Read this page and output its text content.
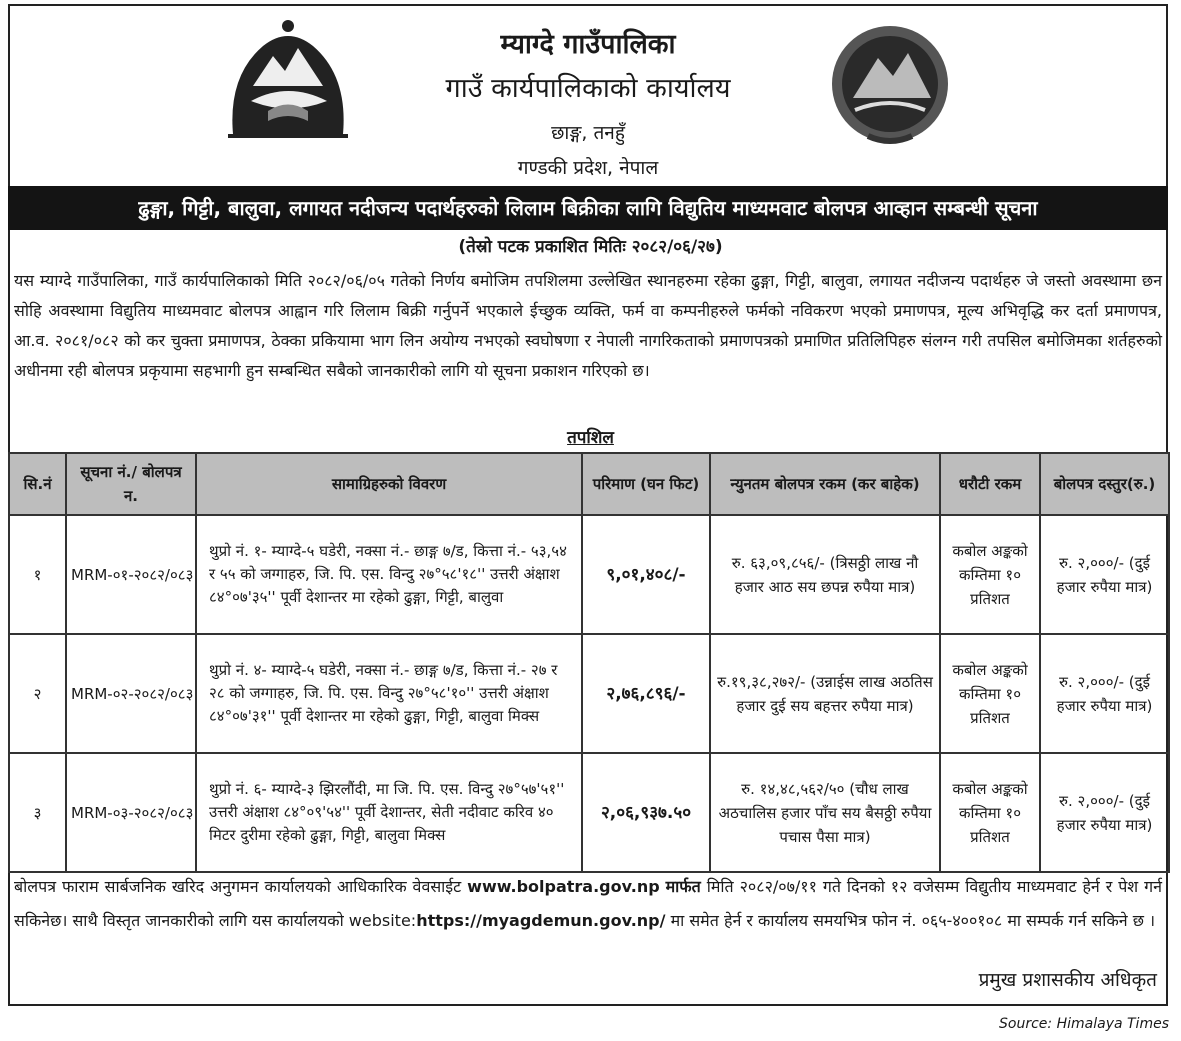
म्याग्दे गाउँपालिका
गाउँ कार्यपालिकाको कार्यालय
छाङ्ग, तनहुँ
गण्डकी प्रदेश, नेपाल
ढुङ्गा, गिट्टी, बालुवा, लगायत नदीजन्य पदार्थहरुको लिलाम बिक्रीका लागि विद्युतिय माध्यमवाट बोलपत्र आव्हान सम्बन्धी सूचना
(तेस्रो पटक प्रकाशित मितिः २०८२/०६/२७)
यस म्याग्दे गाउँपालिका, गाउँ कार्यपालिकाको मिति २०८२/०६/०५ गतेको निर्णय बमोजिम तपशिलमा उल्लेखित स्थानहरुमा रहेका ढुङ्गा, गिट्टी, बालुवा, लगायत नदीजन्य पदार्थहरु जे जस्तो अवस्थामा छन सोहि अवस्थामा विद्युतिय माध्यमवाट बोलपत्र आह्वान गरि लिलाम बिक्री गर्नुपर्ने भएकाले ईच्छुक व्यक्ति, फर्म वा कम्पनीहरुले फर्मको नविकरण भएको प्रमाणपत्र, मूल्य अभिवृद्धि कर दर्ता प्रमाणपत्र, आ.व. २०८१/०८२ को कर चुक्ता प्रमाणपत्र, ठेक्का प्रकियामा भाग लिन अयोग्य नभएको स्वघोषणा र नेपाली नागरिकताको प्रमाणपत्रको प्रमाणित प्रतिलिपिहरु संलग्न गरी तपसिल बमोजिमका शर्तहरुको अधीनमा रही बोलपत्र प्रकृयामा सहभागी हुन सम्बन्धित सबैको जानकारीको लागि यो सूचना प्रकाशन गरिएको छ।
तपशिल
सि.नं	सूचना नं./ बोलपत्र न.	सामाग्रिहरुको विवरण	परिमाण (घन फिट)	न्युनतम बोलपत्र रकम (कर बाहेक)	धरौटी रकम	बोलपत्र दस्तुर(रु.)
१	MRM-०१-२०८२/०८३	थुप्रो नं. १- म्याग्दे-५ घडेरी, नक्सा नं.- छाङ्ग ७/ड, कित्ता नं.- ५३,५४ र ५५ को जग्गाहरु, जि. पि. एस. विन्दु २७°५८'१८'' उत्तरी अंक्षाश ८४°०७'३५'' पूर्वी देशान्तर मा रहेको ढुङ्गा, गिट्टी, बालुवा	९,०१,४०८/-	रु. ६३,०९,८५६/- (त्रिसठ्ठी लाख नौ हजार आठ सय छपन्न रुपैया मात्र)	कबोल अङ्कको कम्तिमा १० प्रतिशत	रु. २,०००/- (दुई हजार रुपैया मात्र)
२	MRM-०२-२०८२/०८३	थुप्रो नं. ४- म्याग्दे-५ घडेरी, नक्सा नं.- छाङ्ग ७/ड, कित्ता नं.- २७ र २८ को जग्गाहरु, जि. पि. एस. विन्दु २७°५८'१०'' उत्तरी अंक्षाश ८४°०७'३१'' पूर्वी देशान्तर मा रहेको ढुङ्गा, गिट्टी, बालुवा मिक्स	२,७६,८९६/-	रु.१९,३८,२७२/- (उन्नाईस लाख अठतिस हजार दुई सय बहत्तर रुपैया मात्र)	कबोल अङ्कको कम्तिमा १० प्रतिशत	रु. २,०००/- (दुई हजार रुपैया मात्र)
३	MRM-०३-२०८२/०८३	थुप्रो नं. ६- म्याग्दे-३ झिरलौंदी, मा जि. पि. एस. विन्दु २७°५७'५१'' उत्तरी अंक्षाश ८४°०९'५४'' पूर्वी देशान्तर, सेती नदीवाट करिव ४० मिटर दुरीमा रहेको ढुङ्गा, गिट्टी, बालुवा मिक्स	२,०६,९३७.५०	रु. १४,४८,५६२/५० (चौध लाख अठचालिस हजार पाँच सय बैसठ्ठी रुपैया पचास पैसा मात्र)	कबोल अङ्कको कम्तिमा १० प्रतिशत	रु. २,०००/- (दुई हजार रुपैया मात्र)
बोलपत्र फाराम सार्बजनिक खरिद अनुगमन कार्यालयको आधिकारिक वेवसाईट www.bolpatra.gov.np मार्फत मिति २०८२/०७/११ गते दिनको १२ वजेसम्म विद्युतीय माध्यमवाट हेर्न र पेश गर्न सकिनेछ। साथै विस्तृत जानकारीको लागि यस कार्यालयको website:https://myagdemun.gov.np/ मा समेत हेर्न र कार्यालय समयभित्र फोन नं. ०६५-४००१०८ मा सम्पर्क गर्न सकिने छ ।
प्रमुख प्रशासकीय अधिकृत
Source: Himalaya Times
